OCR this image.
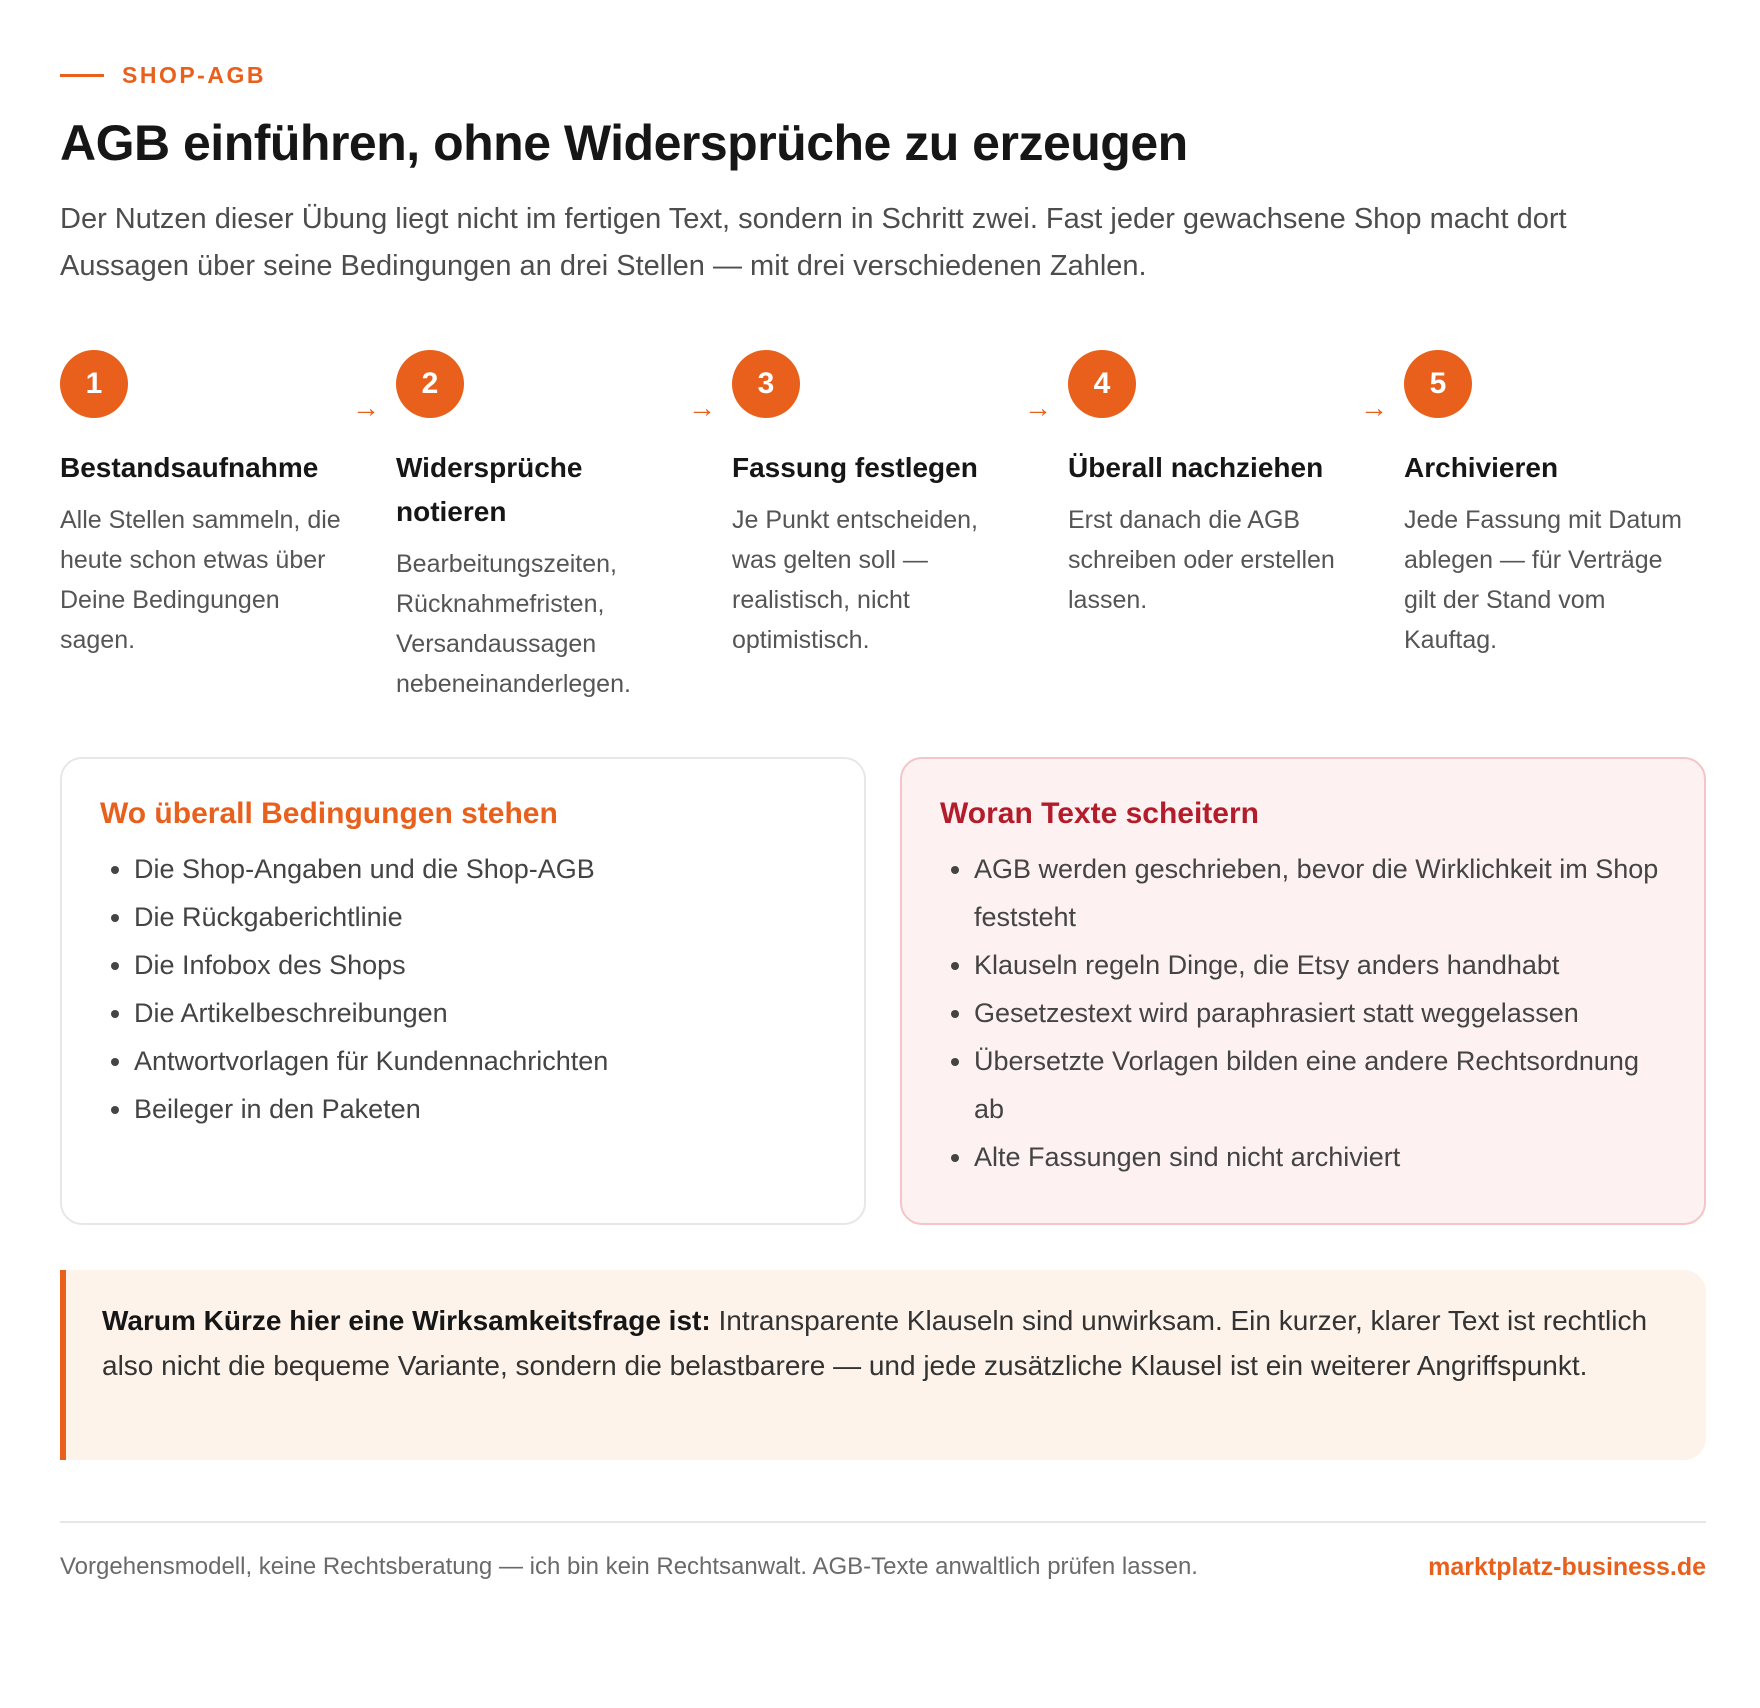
SHOP-AGB
AGB einführen, ohne Widersprüche zu erzeugen

Der Nutzen dieser Übung liegt nicht im fertigen Text, sondern in Schritt zwei. Fast jeder gewachsene Shop macht dort Aussagen über seine Bedingungen an drei Stellen — mit drei verschiedenen Zahlen.

1
Bestandsaufnahme
Alle Stellen sammeln, die heute schon etwas über Deine Bedingungen sagen.
→
2
Widersprüche notieren
Bearbeitungszeiten, Rücknahmefristen, Versandaussagen nebeneinanderlegen.
→
3
Fassung festlegen
Je Punkt entscheiden, was gelten soll — realistisch, nicht optimistisch.
→
4
Überall nachziehen
Erst danach die AGB schreiben oder erstellen lassen.
→
5
Archivieren
Jede Fassung mit Datum ablegen — für Verträge gilt der Stand vom Kauftag.
Wo überall Bedingungen stehen
• Die Shop-Angaben und die Shop-AGB
• Die Rückgaberichtlinie
• Die Infobox des Shops
• Die Artikelbeschreibungen
• Antwortvorlagen für Kundennachrichten
• Beileger in den Paketen
Woran Texte scheitern
• AGB werden geschrieben, bevor die Wirklichkeit im Shop feststeht
• Klauseln regeln Dinge, die Etsy anders handhabt
• Gesetzestext wird paraphrasiert statt weggelassen
• Übersetzte Vorlagen bilden eine andere Rechtsordnung ab
• Alte Fassungen sind nicht archiviert
Warum Kürze hier eine Wirksamkeitsfrage ist: Intransparente Klauseln sind unwirksam. Ein kurzer, klarer Text ist rechtlich also nicht die bequeme Variante, sondern die belastbarere — und jede zusätzliche Klausel ist ein weiterer Angriffspunkt.
Vorgehensmodell, keine Rechtsberatung — ich bin kein Rechtsanwalt. AGB-Texte anwaltlich prüfen lassen.	marktplatz-business.de
